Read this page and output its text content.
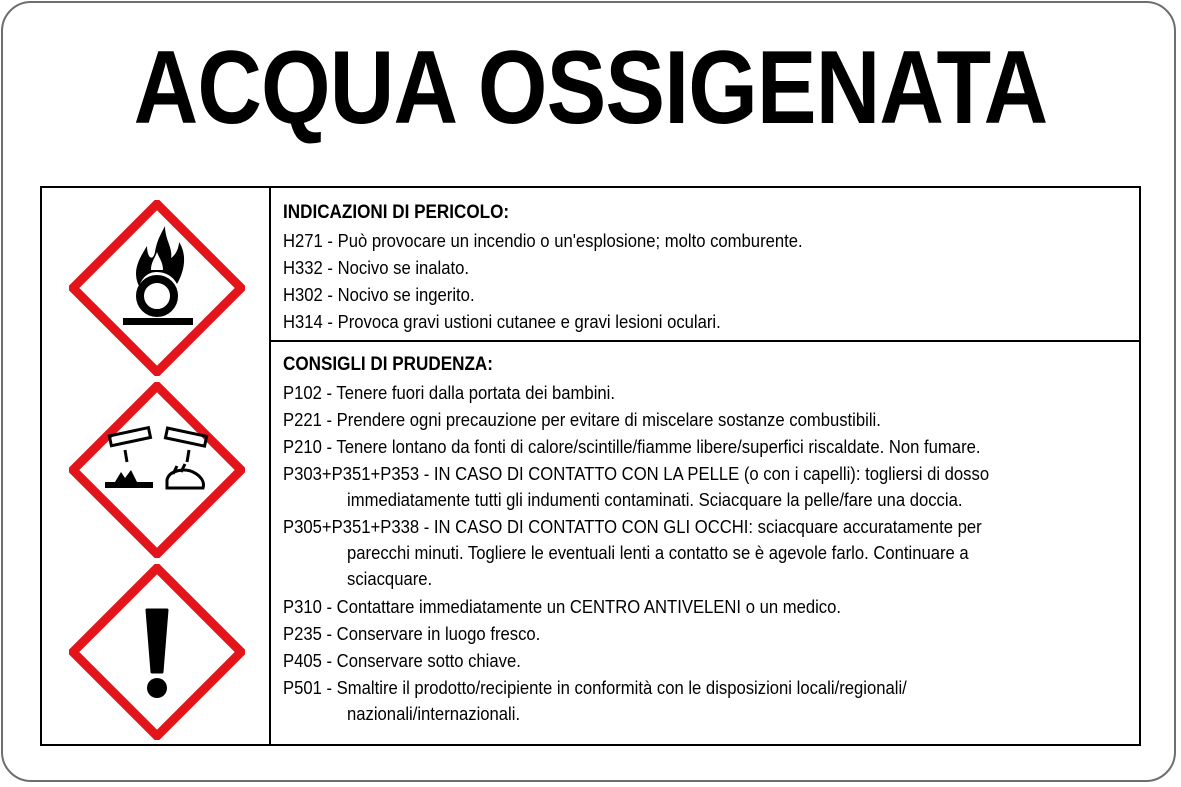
ACQUA OSSIGENATA
INDICAZIONI DI PERICOLO:
H271 - Può provocare un incendio o un'esplosione; molto comburente.
H332 - Nocivo se inalato.
H302 - Nocivo se ingerito.
H314 - Provoca gravi ustioni cutanee e gravi lesioni oculari.
CONSIGLI DI PRUDENZA:
P102 - Tenere fuori dalla portata dei bambini.
P221 - Prendere ogni precauzione per evitare di miscelare sostanze combustibili.
P210 - Tenere lontano da fonti di calore/scintille/fiamme libere/superfici riscaldate. Non fumare.
P303+P351+P353 - IN CASO DI CONTATTO CON LA PELLE (o con i capelli): togliersi di dosso
immediatamente tutti gli indumenti contaminati. Sciacquare la pelle/fare una doccia.
P305+P351+P338 - IN CASO DI CONTATTO CON GLI OCCHI: sciacquare accuratamente per
parecchi minuti. Togliere le eventuali lenti a contatto se è agevole farlo. Continuare a
sciacquare.
P310 - Contattare immediatamente un CENTRO ANTIVELENI o un medico.
P235 - Conservare in luogo fresco.
P405 - Conservare sotto chiave.
P501 - Smaltire il prodotto/recipiente in conformità con le disposizioni locali/regionali/
nazionali/internazionali.
